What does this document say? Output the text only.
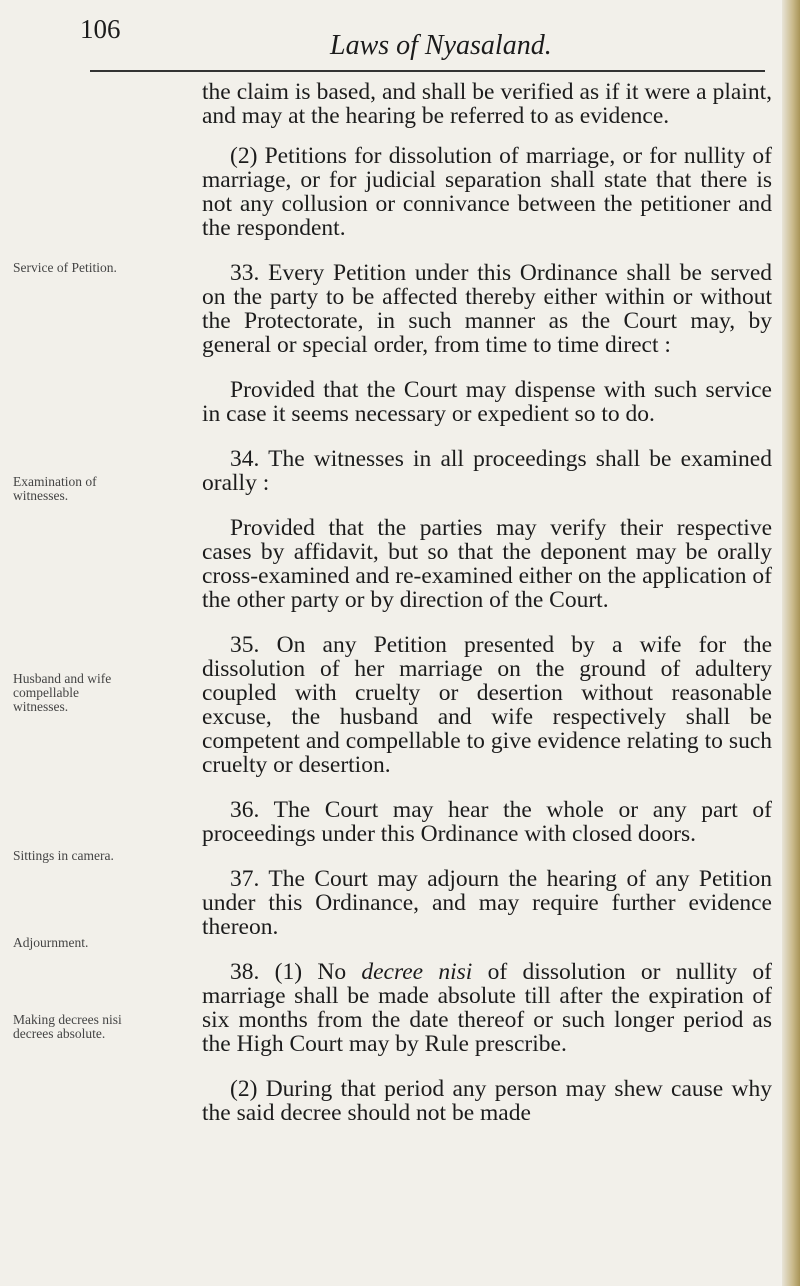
106
Laws of Nyasaland.
Service of Petition.
Examination of witnesses.
Husband and wife compellable witnesses.
Sittings in camera.
Adjournment.
Making decrees nisi decrees absolute.

the claim is based, and shall be verified as if it were a plaint, and may at the hearing be referred to as evidence.

(2) Petitions for dissolution of marriage, or for nullity of marriage, or for judicial separation shall state that there is not any collusion or connivance between the petitioner and the respondent.

33. Every Petition under this Ordinance shall be served on the party to be affected thereby either within or without the Protectorate, in such manner as the Court may, by general or special order, from time to time direct :

Provided that the Court may dispense with such service in case it seems necessary or expedient so to do.

34. The witnesses in all proceedings shall be examined orally :

Provided that the parties may verify their respective cases by affidavit, but so that the deponent may be orally cross-examined and re-examined either on the application of the other party or by direction of the Court.

35. On any Petition presented by a wife for the dissolution of her marriage on the ground of adultery coupled with cruelty or desertion without reasonable excuse, the husband and wife respectively shall be competent and compellable to give evidence relating to such cruelty or desertion.

36. The Court may hear the whole or any part of proceedings under this Ordinance with closed doors.

37. The Court may adjourn the hearing of any Petition under this Ordinance, and may require further evidence thereon.

38. (1) No decree nisi of dissolution or nullity of marriage shall be made absolute till after the expiration of six months from the date thereof or such longer period as the High Court may by Rule prescribe.

(2) During that period any person may shew cause why the said decree should not be made
